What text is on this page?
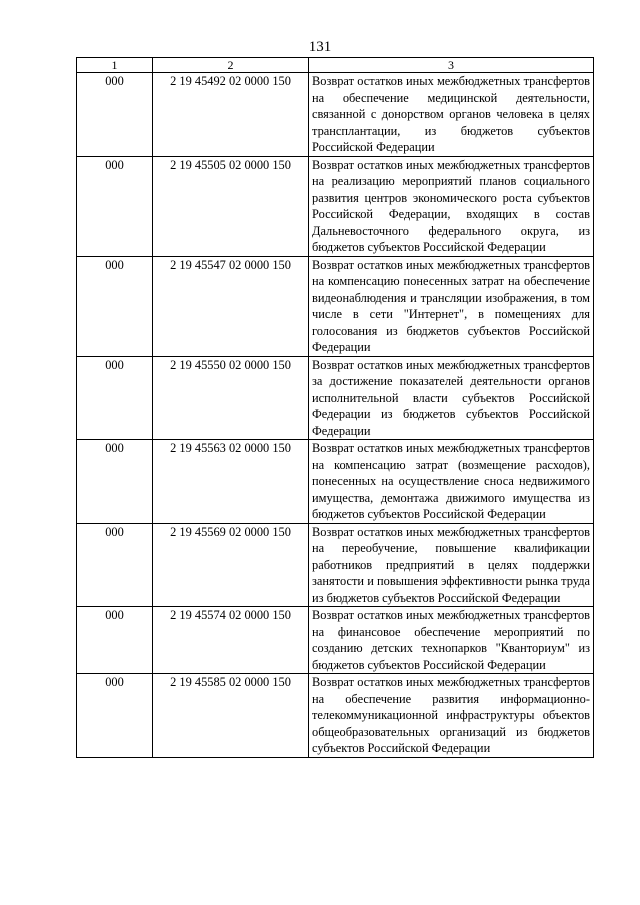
131
1	2	3
000	2 19 45492 02 0000 150	Возврат остатков иных межбюджетных трансфертов на обеспечение медицинской деятельности, связанной с донорством органов человека в целях трансплантации, из бюджетов субъектов Российской Федерации
000	2 19 45505 02 0000 150	Возврат остатков иных межбюджетных трансфертов на реализацию мероприятий планов социального развития центров экономического роста субъектов Российской Федерации, входящих в состав Дальневосточного федерального округа, из бюджетов субъектов Российской Федерации
000	2 19 45547 02 0000 150	Возврат остатков иных межбюджетных трансфертов на компенсацию понесенных затрат на обеспечение видеонаблюдения и трансляции изображения, в том числе в сети "Интернет", в помещениях для голосования из бюджетов субъектов Российской Федерации
000	2 19 45550 02 0000 150	Возврат остатков иных межбюджетных трансфертов за достижение показателей деятельности органов исполнительной власти субъектов Российской Федерации из бюджетов субъектов Российской Федерации
000	2 19 45563 02 0000 150	Возврат остатков иных межбюджетных трансфертов на компенсацию затрат (возмещение расходов), понесенных на осуществление сноса недвижимого имущества, демонтажа движимого имущества из бюджетов субъектов Российской Федерации
000	2 19 45569 02 0000 150	Возврат остатков иных межбюджетных трансфертов на переобучение, повышение квалификации работников предприятий в целях поддержки занятости и повышения эффективности рынка труда из бюджетов субъектов Российской Федерации
000	2 19 45574 02 0000 150	Возврат остатков иных межбюджетных трансфертов на финансовое обеспечение мероприятий по созданию детских технопарков "Кванториум" из бюджетов субъектов Российской Федерации
000	2 19 45585 02 0000 150	Возврат остатков иных межбюджетных трансфертов на обеспечение развития информационно-телекоммуникационной инфраструктуры объектов общеобразовательных организаций из бюджетов субъектов Российской Федерации
